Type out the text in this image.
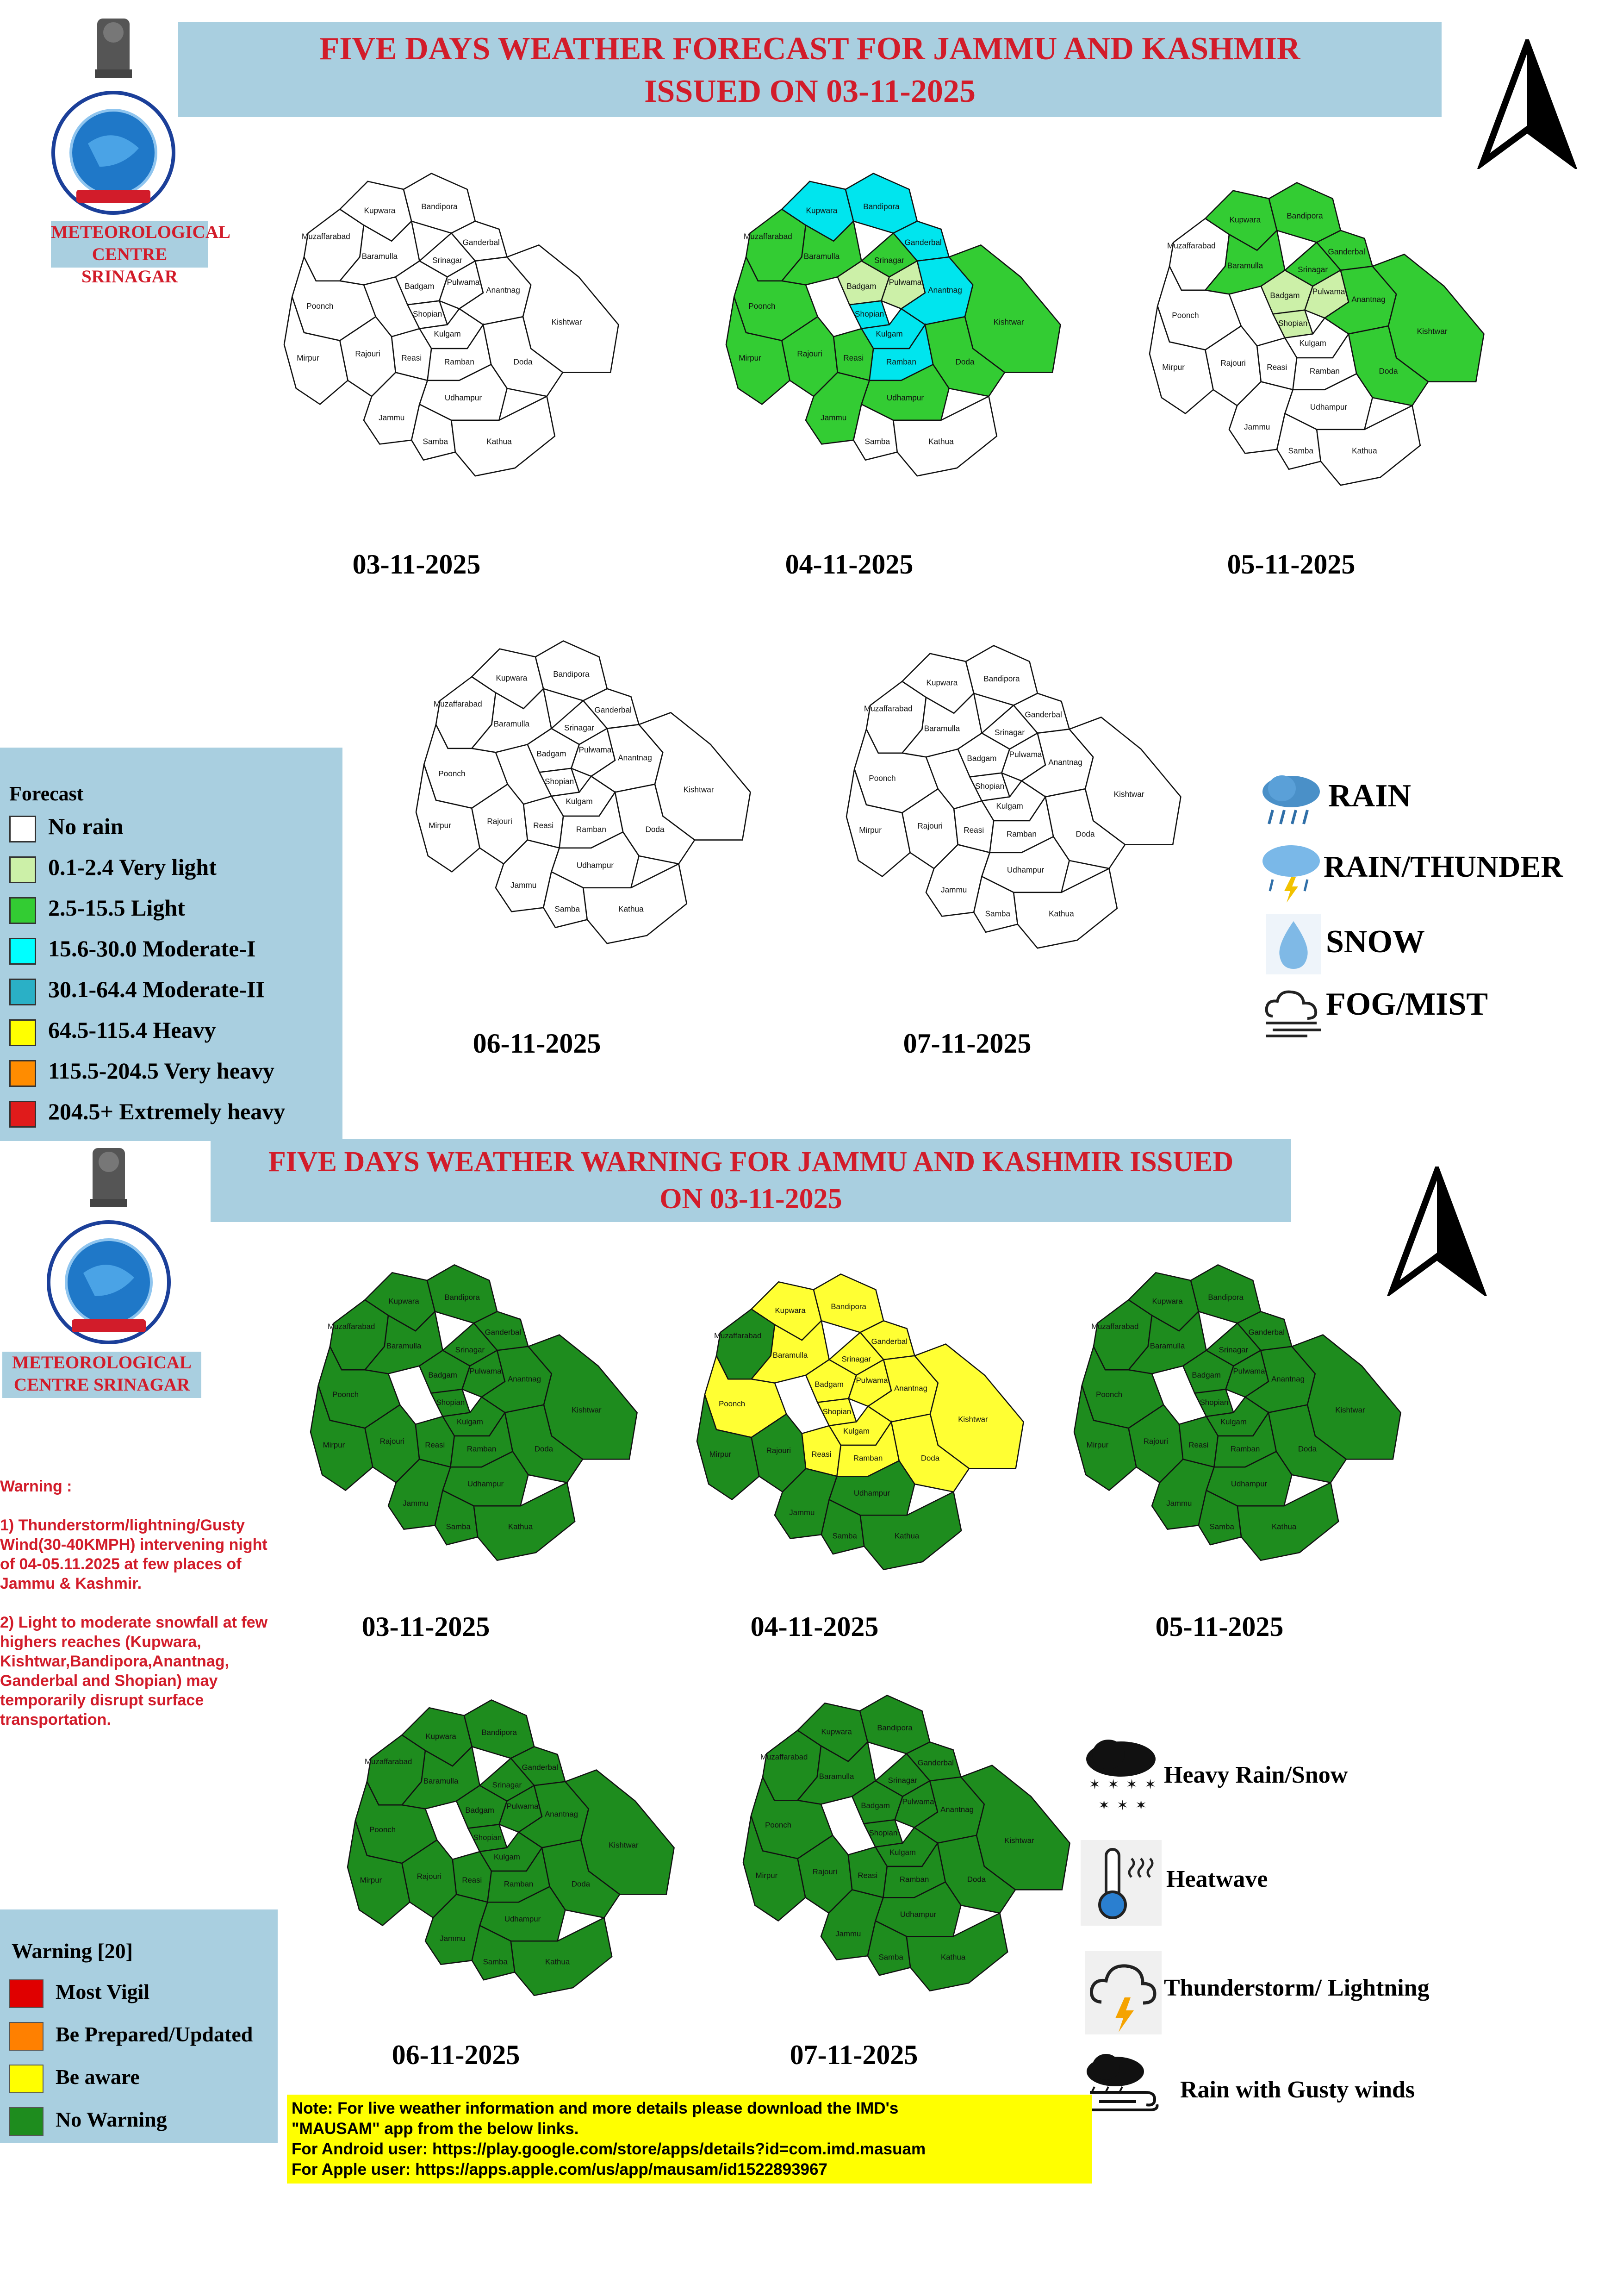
FIVE DAYS WEATHER FORECAST FOR JAMMU AND KASHMIR
ISSUED ON 03-11-2025
METEOROLOGICAL
CENTRE SRINAGAR
Muzaffarabad
Kupwara	Bandipora
Baramulla
Ganderbal
Srinagar
Badgam Pulwama
Poonch
Shopian
Anantnag
Kulgam
Kishtwar
Mirpur	Rajouri Reasi Ramban	Doda
Udhampur
Jammu
Samba	Kathua
Muzaffarabad
Kupwara	Bandipora
Baramulla
Ganderbal
Srinagar
Badgam Pulwama
Poonch
Shopian
Anantnag
Kulgam
Kishtwar
Mirpur	Rajouri Reasi Ramban	Doda
Udhampur
Jammu
Samba	Kathua
Muzaffarabad
Kupwara	Bandipora
Baramulla
Ganderbal
Srinagar
Badgam Pulwama
Poonch
Shopian
Anantnag
Kulgam
Kishtwar
Mirpur	Rajouri Reasi Ramban	Doda
Udhampur
Jammu
Samba	Kathua
Muzaffarabad
Kupwara	Bandipora
Baramulla
Ganderbal
Srinagar
Badgam Pulwama
Poonch
Shopian
Anantnag
Kulgam
Kishtwar
Mirpur	Rajouri Reasi Ramban	Doda
Udhampur
Jammu
Samba	Kathua
Muzaffarabad
Kupwara	Bandipora
Baramulla
Ganderbal
Srinagar
Badgam Pulwama
Poonch
Shopian
Anantnag
Kulgam
Kishtwar
Mirpur	Rajouri Reasi Ramban	Doda
Udhampur
Jammu
Samba	Kathua
03-11-2025	04-11-2025	05-11-2025
06-11-2025	07-11-2025
Forecast
No rain
0.1-2.4 Very light
2.5-15.5 Light
15.6-30.0 Moderate-I
30.1-64.4 Moderate-II
64.5-115.4 Heavy
115.5-204.5 Very heavy
204.5+ Extremely heavy
RAIN
RAIN/THUNDER
SNOW
FOG/MIST
FIVE DAYS WEATHER WARNING FOR JAMMU AND KASHMIR ISSUED
ON 03-11-2025
METEOROLOGICAL
CENTRE SRINAGAR
Warning :
1) Thunderstorm/lightning/Gusty Wind(30-40KMPH) intervening night of 04-05.11.2025 at few places of Jammu & Kashmir.
2) Light to moderate snowfall at few highers reaches (Kupwara, Kishtwar,Bandipora,Anantnag, Ganderbal and Shopian) may temporarily disrupt surface transportation.
Muzaffarabad
Kupwara	Bandipora
Baramulla
Ganderbal
Srinagar
Badgam Pulwama
Poonch
Shopian
Anantnag
Kulgam
Kishtwar
Mirpur	Rajouri Reasi Ramban	Doda
Udhampur
Jammu
Samba	Kathua
Muzaffarabad
Kupwara	Bandipora
Baramulla
Ganderbal
Srinagar
Badgam Pulwama
Poonch
Shopian
Anantnag
Kulgam
Kishtwar
Mirpur	Rajouri Reasi Ramban	Doda
Udhampur
Jammu
Samba	Kathua
Muzaffarabad
Kupwara	Bandipora
Baramulla
Ganderbal
Srinagar
Badgam Pulwama
Poonch
Shopian
Anantnag
Kulgam
Kishtwar
Mirpur	Rajouri Reasi Ramban	Doda
Udhampur
Jammu
Samba	Kathua
Muzaffarabad
Kupwara	Bandipora
Baramulla
Ganderbal
Srinagar
Badgam Pulwama
Poonch
Shopian
Anantnag
Kulgam
Kishtwar
Mirpur	Rajouri Reasi Ramban	Doda
Udhampur
Jammu
Samba	Kathua
Muzaffarabad
Kupwara	Bandipora
Baramulla
Ganderbal
Srinagar
Badgam Pulwama
Poonch
Shopian
Anantnag
Kulgam
Kishtwar
Mirpur	Rajouri Reasi Ramban	Doda
Udhampur
Jammu
Samba	Kathua
03-11-2025	04-11-2025	05-11-2025
06-11-2025	07-11-2025
Warning [20]
Most Vigil
Be Prepared/Updated
Be aware
No Warning
✶ ✶ ✶ ✶
✶ ✶ ✶
Heavy Rain/Snow
Heatwave
Thunderstorm/ Lightning
Rain with Gusty winds
Note: For live weather information and more details please download the IMD's
"MAUSAM" app from the below links.
For Android user: https://play.google.com/store/apps/details?id=com.imd.masuam
For Apple user: https://apps.apple.com/us/app/mausam/id1522893967
